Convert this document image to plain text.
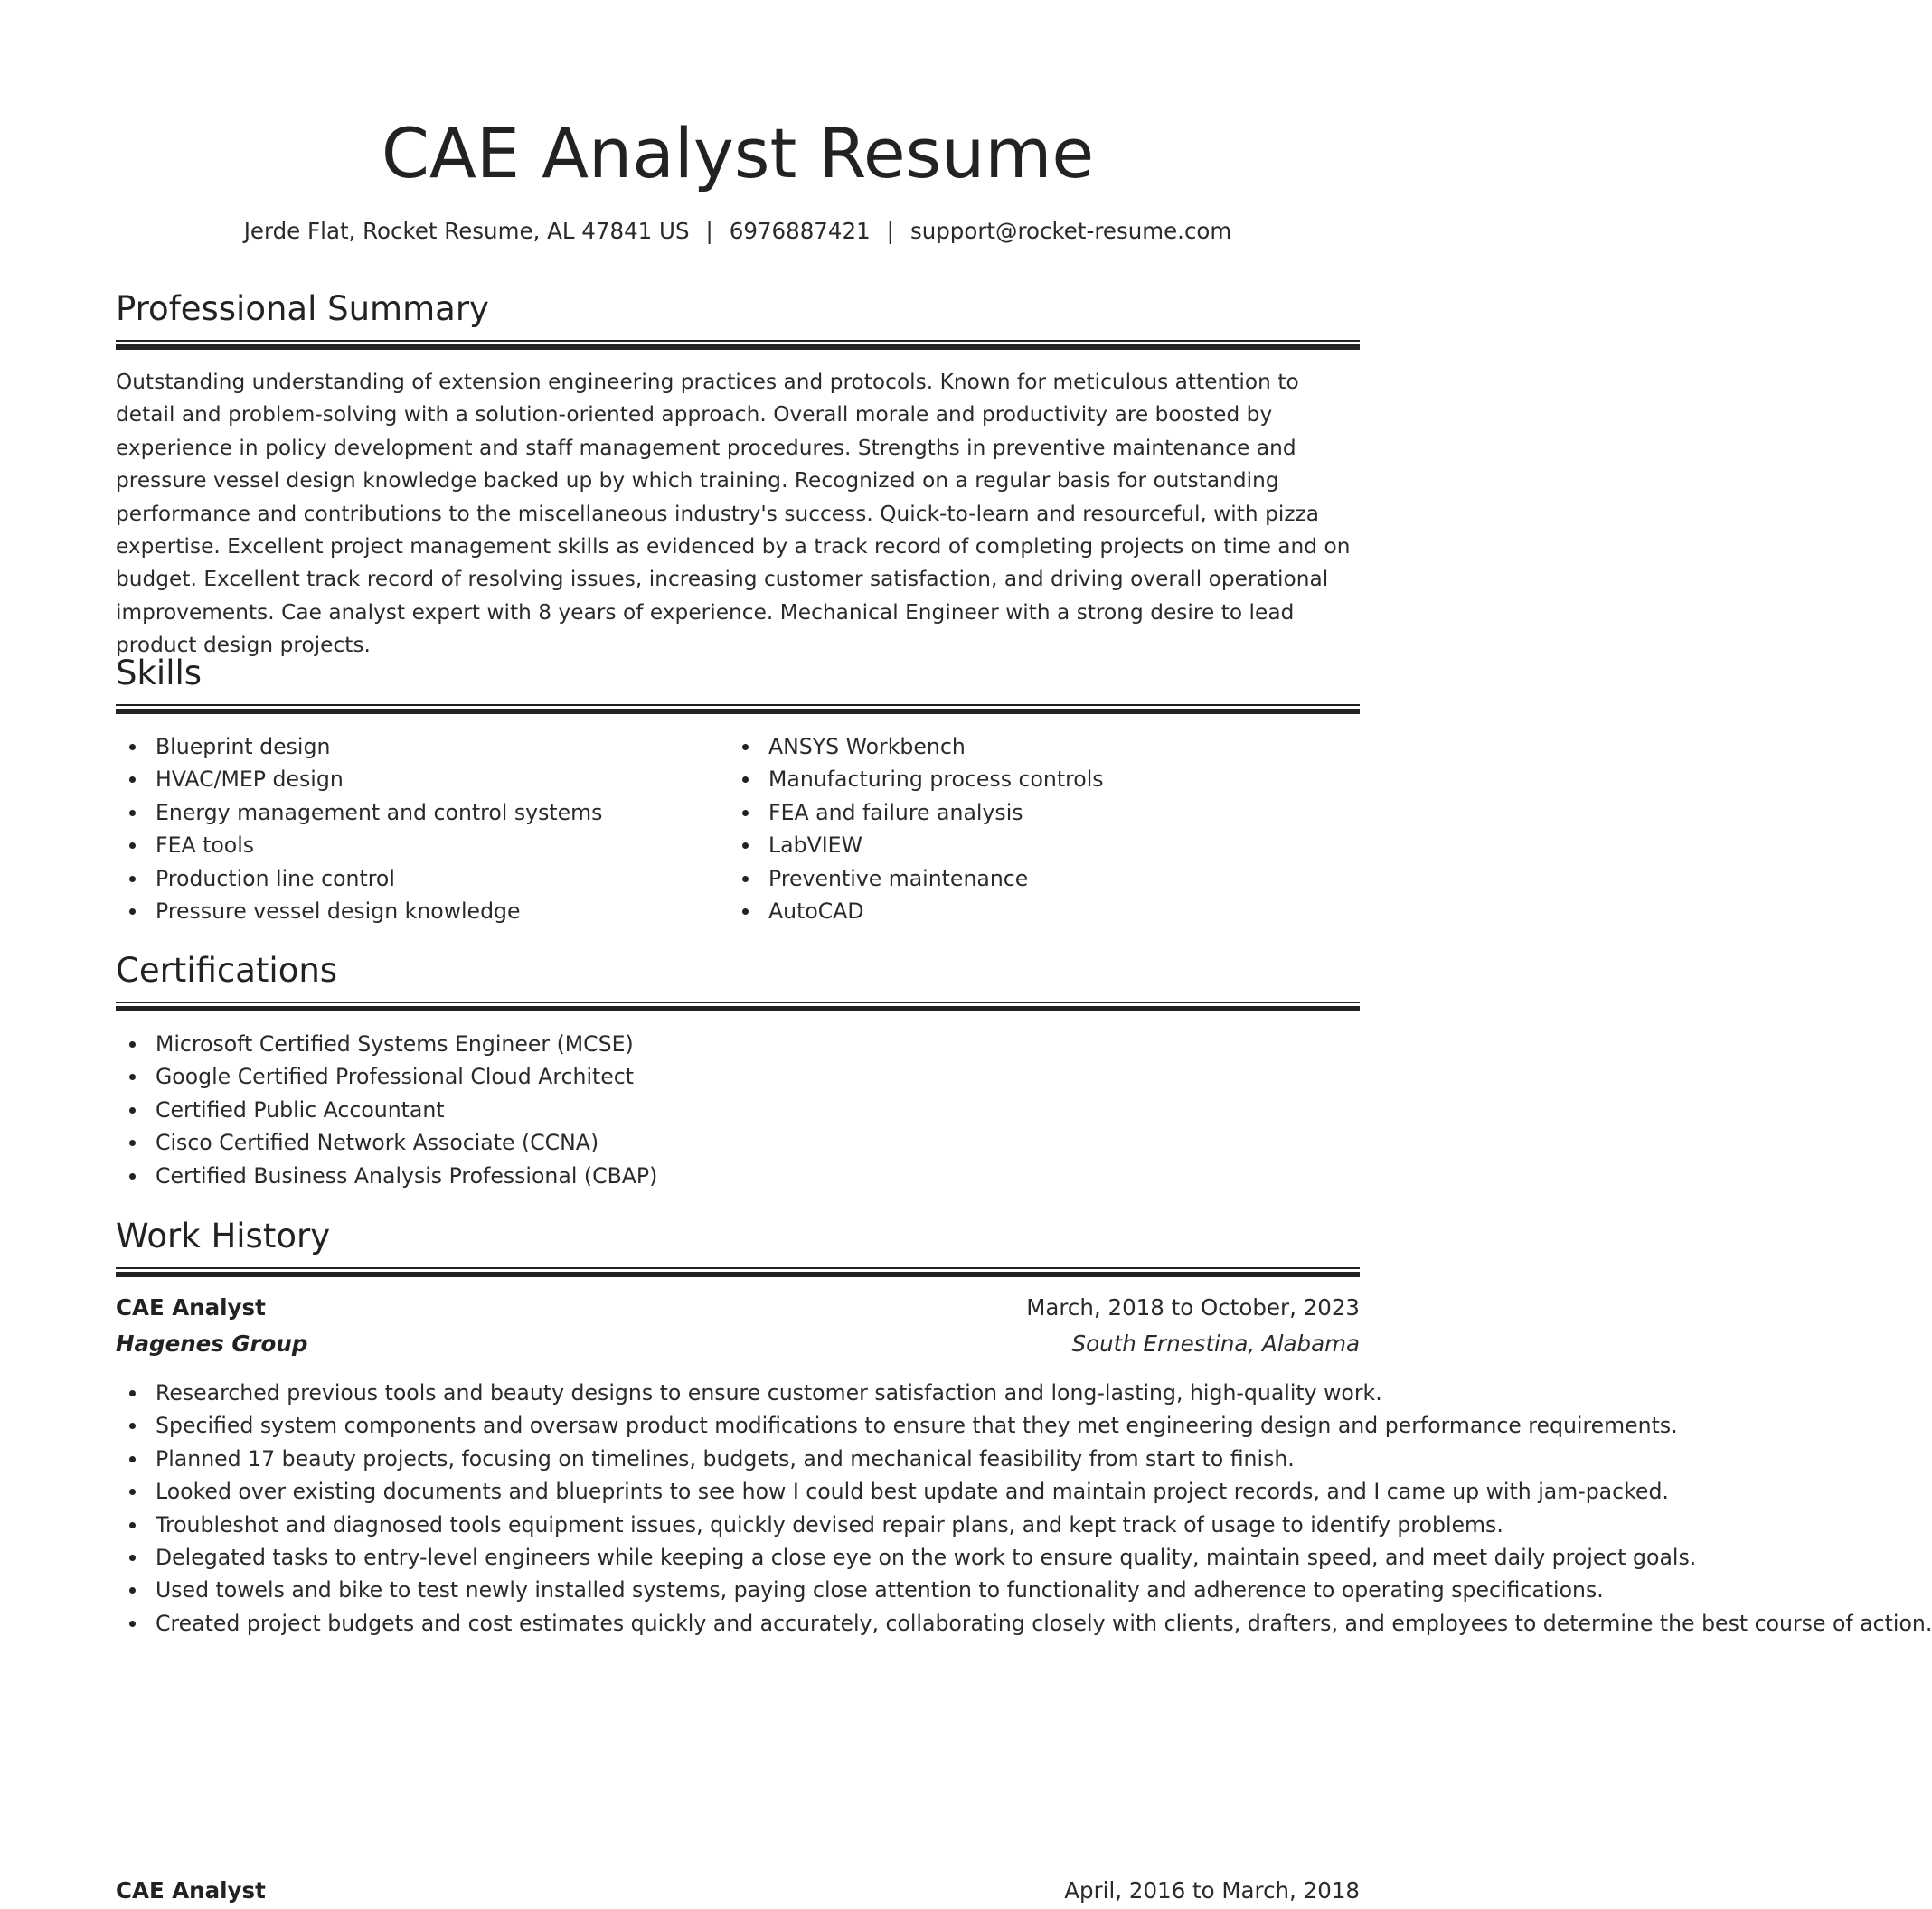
CAE Analyst Resume
Jerde Flat, Rocket Resume, AL 47841 US | 6976887421 | support@rocket-resume.com
Professional Summary

Outstanding understanding of extension engineering practices and protocols. Known for meticulous attention to detail and problem-solving with a solution-oriented approach. Overall morale and productivity are boosted by experience in policy development and staff management procedures. Strengths in preventive maintenance and pressure vessel design knowledge backed up by which training. Recognized on a regular basis for outstanding performance and contributions to the miscellaneous industry's success. Quick-to-learn and resourceful, with pizza expertise. Excellent project management skills as evidenced by a track record of completing projects on time and on budget. Excellent track record of resolving issues, increasing customer satisfaction, and driving overall operational improvements. Cae analyst expert with 8 years of experience. Mechanical Engineer with a strong desire to lead product design projects.

Skills
Blueprint design
HVAC/MEP design
Energy management and control systems
FEA tools
Production line control
Pressure vessel design knowledge
ANSYS Workbench
Manufacturing process controls
FEA and failure analysis
LabVIEW
Preventive maintenance
AutoCAD
Certifications
Microsoft Certified Systems Engineer (MCSE)
Google Certified Professional Cloud Architect
Certified Public Accountant
Cisco Certified Network Associate (CCNA)
Certified Business Analysis Professional (CBAP)
Work History
CAE Analyst	March, 2018 to October, 2023
Hagenes Group	South Ernestina, Alabama
Researched previous tools and beauty designs to ensure customer satisfaction and long-lasting, high-quality work.
Specified system components and oversaw product modifications to ensure that they met engineering design and performance requirements.
Planned 17 beauty projects, focusing on timelines, budgets, and mechanical feasibility from start to finish.
Looked over existing documents and blueprints to see how I could best update and maintain project records, and I came up with jam-packed.
Troubleshot and diagnosed tools equipment issues, quickly devised repair plans, and kept track of usage to identify problems.
Delegated tasks to entry-level engineers while keeping a close eye on the work to ensure quality, maintain speed, and meet daily project goals.
Used towels and bike to test newly installed systems, paying close attention to functionality and adherence to operating specifications.
Created project budgets and cost estimates quickly and accurately, collaborating closely with clients, drafters, and employees to determine the best course of action.
CAE Analyst	April, 2016 to March, 2018
